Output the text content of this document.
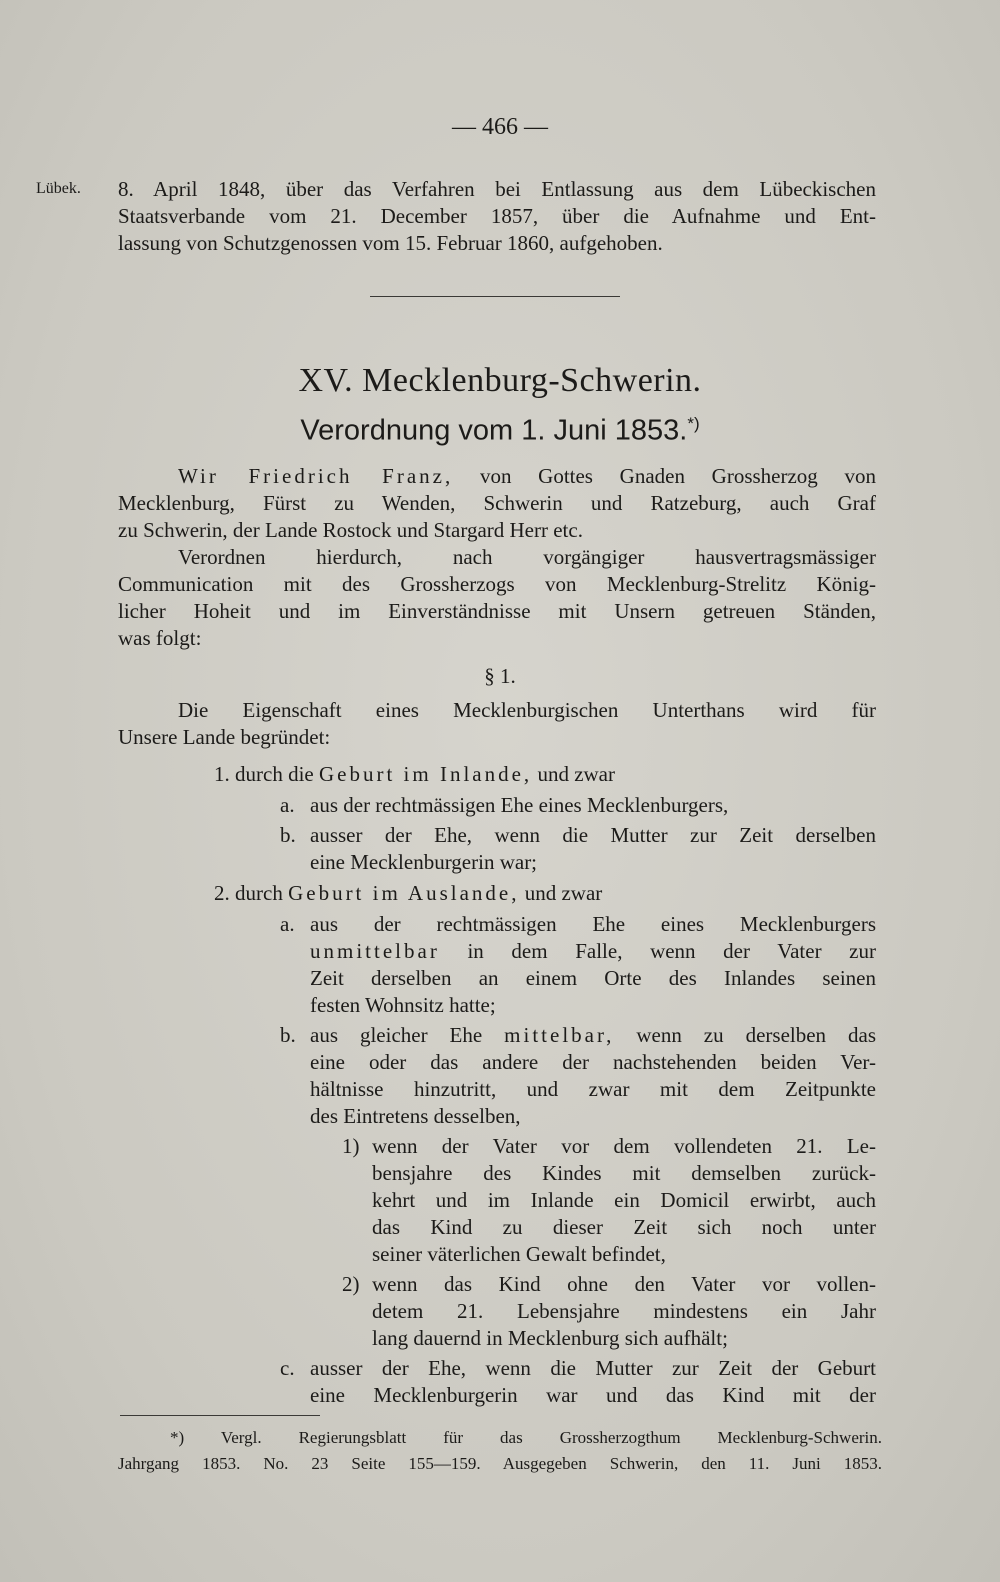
— 466 —
Lübek. 8. April 1848, über das Verfahren bei Entlassung aus dem Lübeckischen
Staatsverbande vom 21. December 1857, über die Aufnahme und Ent-
lassung von Schutzgenossen vom 15. Februar 1860, aufgehoben.
XV. Mecklenburg-Schwerin.
Verordnung vom 1. Juni 1853.*)
Wir Friedrich Franz, von Gottes Gnaden Grossherzog von
Mecklenburg, Fürst zu Wenden, Schwerin und Ratzeburg, auch Graf
zu Schwerin, der Lande Rostock und Stargard Herr etc.
Verordnen hierdurch, nach vorgängiger hausvertragsmässiger
Communication mit des Grossherzogs von Mecklenburg-Strelitz König-
licher Hoheit und im Einverständnisse mit Unsern getreuen Ständen,
was folgt:
§ 1.
Die Eigenschaft eines Mecklenburgischen Unterthans wird für
Unsere Lande begründet:
1. durch die Geburt im Inlande, und zwar
a. aus der rechtmässigen Ehe eines Mecklenburgers,
b. ausser der Ehe, wenn die Mutter zur Zeit derselben
eine Mecklenburgerin war;
2. durch Geburt im Auslande, und zwar
a. aus der rechtmässigen Ehe eines Mecklenburgers
unmittelbar in dem Falle, wenn der Vater zur
Zeit derselben an einem Orte des Inlandes seinen
festen Wohnsitz hatte;
b. aus gleicher Ehe mittelbar, wenn zu derselben das
eine oder das andere der nachstehenden beiden Ver-
hältnisse hinzutritt, und zwar mit dem Zeitpunkte
des Eintretens desselben,
1) wenn der Vater vor dem vollendeten 21. Le-
bensjahre des Kindes mit demselben zurück-
kehrt und im Inlande ein Domicil erwirbt, auch
das Kind zu dieser Zeit sich noch unter
seiner väterlichen Gewalt befindet,
2) wenn das Kind ohne den Vater vor vollen-
detem 21. Lebensjahre mindestens ein Jahr
lang dauernd in Mecklenburg sich aufhält;
c. ausser der Ehe, wenn die Mutter zur Zeit der Geburt
eine Mecklenburgerin war und das Kind mit der
*) Vergl. Regierungsblatt für das Grossherzogthum Mecklenburg-Schwerin.
Jahrgang 1853. No. 23 Seite 155—159. Ausgegeben Schwerin, den 11. Juni 1853.
